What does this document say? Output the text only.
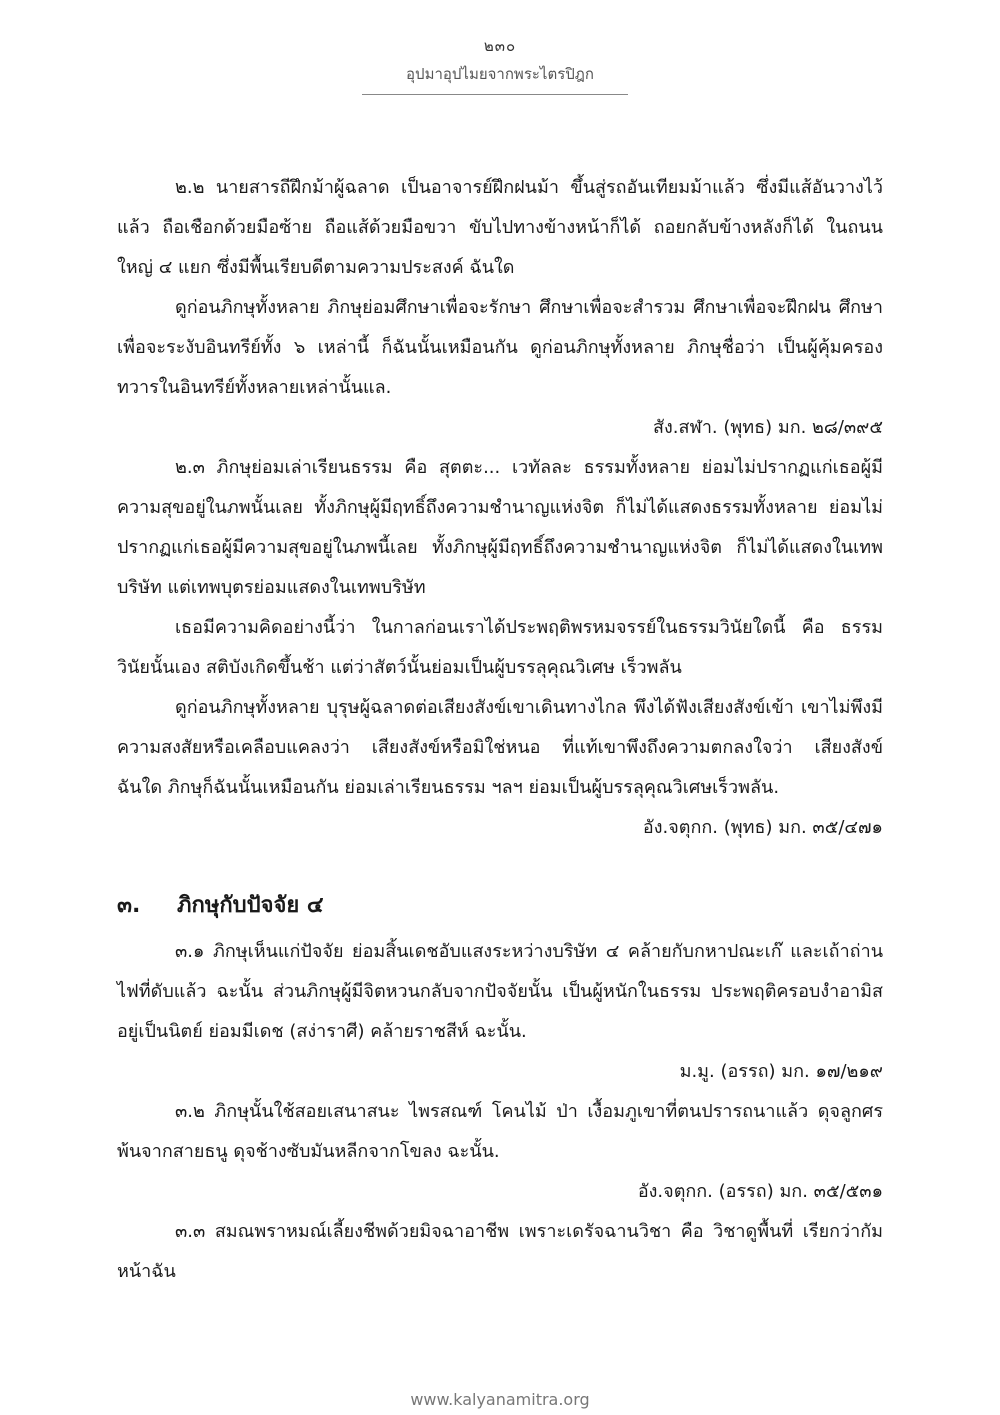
๒๓๐
อุปมาอุปไมยจากพระไตรปิฎก

๒.๒ นายสารถีฝึกม้าผู้ฉลาด เป็นอาจารย์ฝึกฝนม้า ขึ้นสู่รถอันเทียมม้าแล้ว ซึ่งมีแส้อันวางไว้แล้ว ถือเชือกด้วยมือซ้าย ถือแส้ด้วยมือขวา ขับไปทางข้างหน้าก็ได้ ถอยกลับข้างหลังก็ได้ ในถนนใหญ่ ๔ แยก ซึ่งมีพื้นเรียบดีตามความประสงค์ ฉันใด

ดูก่อนภิกษุทั้งหลาย ภิกษุย่อมศึกษาเพื่อจะรักษา ศึกษาเพื่อจะสำรวม ศึกษาเพื่อจะฝึกฝน ศึกษาเพื่อจะระงับอินทรีย์ทั้ง ๖ เหล่านี้ ก็ฉันนั้นเหมือนกัน ดูก่อนภิกษุทั้งหลาย ภิกษุชื่อว่า เป็นผู้คุ้มครองทวารในอินทรีย์ทั้งหลายเหล่านั้นแล.

สัง.สฬา. (พุทธ) มก. ๒๘/๓๙๕

๒.๓ ภิกษุย่อมเล่าเรียนธรรม คือ สุตตะ... เวทัลละ ธรรมทั้งหลาย ย่อมไม่ปรากฏแก่เธอผู้มีความสุขอยู่ในภพนั้นเลย ทั้งภิกษุผู้มีฤทธิ์ถึงความชำนาญแห่งจิต ก็ไม่ได้แสดงธรรมทั้งหลาย ย่อมไม่ปรากฏแก่เธอผู้มีความสุขอยู่ในภพนี้เลย ทั้งภิกษุผู้มีฤทธิ์ถึงความชำนาญแห่งจิต ก็ไม่ได้แสดงในเทพบริษัท แต่เทพบุตรย่อมแสดงในเทพบริษัท

เธอมีความคิดอย่างนี้ว่า ในกาลก่อนเราได้ประพฤติพรหมจรรย์ในธรรมวินัยใดนี้ คือ ธรรมวินัยนั้นเอง สติบังเกิดขึ้นช้า แต่ว่าสัตว์นั้นย่อมเป็นผู้บรรลุคุณวิเศษ เร็วพลัน

ดูก่อนภิกษุทั้งหลาย บุรุษผู้ฉลาดต่อเสียงสังข์เขาเดินทางไกล พึงได้ฟังเสียงสังข์เข้า เขาไม่พึงมีความสงสัยหรือเคลือบแคลงว่า เสียงสังข์หรือมิใช่หนอ ที่แท้เขาพึงถึงความตกลงใจว่า เสียงสังข์ ฉันใด ภิกษุก็ฉันนั้นเหมือนกัน ย่อมเล่าเรียนธรรม ฯลฯ ย่อมเป็นผู้บรรลุคุณวิเศษเร็วพลัน.

อัง.จตุกก. (พุทธ) มก. ๓๕/๔๗๑

๓.	ภิกษุกับปัจจัย ๔

๓.๑ ภิกษุเห็นแก่ปัจจัย ย่อมสิ้นเดชอับแสงระหว่างบริษัท ๔ คล้ายกับกหาปณะเก๊ และเถ้าถ่านไฟที่ดับแล้ว ฉะนั้น ส่วนภิกษุผู้มีจิตหวนกลับจากปัจจัยนั้น เป็นผู้หนักในธรรม ประพฤติครอบงำอามิสอยู่เป็นนิตย์ ย่อมมีเดช (สง่าราศี) คล้ายราชสีห์ ฉะนั้น.

ม.มู. (อรรถ) มก. ๑๗/๒๑๙

๓.๒ ภิกษุนั้นใช้สอยเสนาสนะ ไพรสณฑ์ โคนไม้ ป่า เงื้อมภูเขาที่ตนปรารถนาแล้ว ดุจลูกศรพ้นจากสายธนู ดุจช้างซับมันหลีกจากโขลง ฉะนั้น.

อัง.จตุกก. (อรรถ) มก. ๓๕/๕๓๑

๓.๓ สมณพราหมณ์เลี้ยงชีพด้วยมิจฉาอาชีพ เพราะเดรัจฉานวิชา คือ วิชาดูพื้นที่ เรียกว่ากัมหน้าฉัน

www.kalyanamitra.org
